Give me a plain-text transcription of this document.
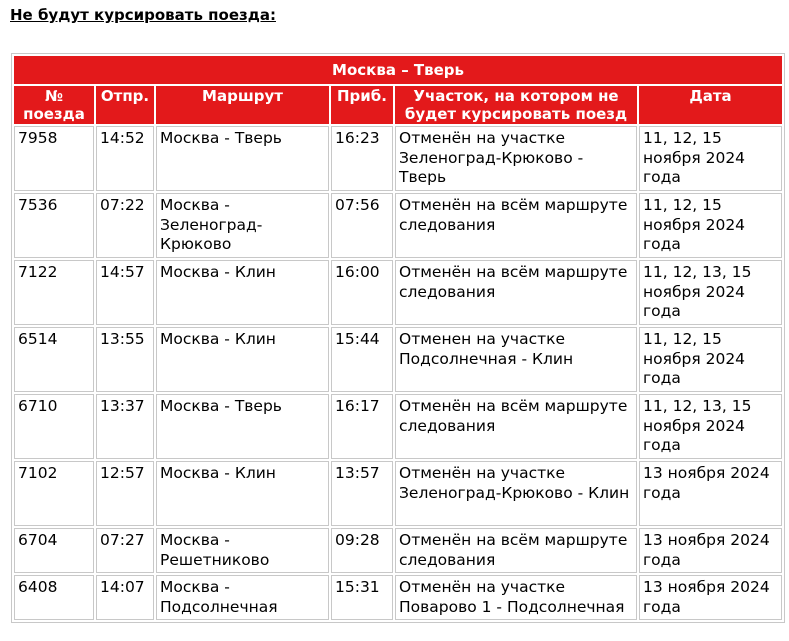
Не будут курсировать поезда:
Москва – Тверь					
№ поезда	Отпр.	Маршрут	Приб.	Участок, на котором не будет курсировать поезд	Дата
7958	14:52	Москва - Тверь	16:23	Отменён на участке Зеленоград-Крюково - Тверь	11, 12, 15 ноября 2024 года
7536	07:22	Москва - Зеленоград-Крюково	07:56	Отменён на всём маршруте следования	11, 12, 15 ноября 2024 года
7122	14:57	Москва - Клин	16:00	Отменён на всём маршруте следования	11, 12, 13, 15 ноября 2024 года
6514	13:55	Москва - Клин	15:44	Отменен на участке Подсолнечная - Клин	11, 12, 15 ноября 2024 года
6710	13:37	Москва - Тверь	16:17	Отменён на всём маршруте следования	11, 12, 13, 15 ноября 2024 года
7102	12:57	Москва - Клин	13:57	Отменён на участке Зеленоград-Крюково - Клин	13 ноября 2024 года
6704	07:27	Москва - Решетниково	09:28	Отменён на всём маршруте следования	13 ноября 2024 года
6408	14:07	Москва - Подсолнечная	15:31	Отменён на участке Поварово 1 - Подсолнечная	13 ноября 2024 года
